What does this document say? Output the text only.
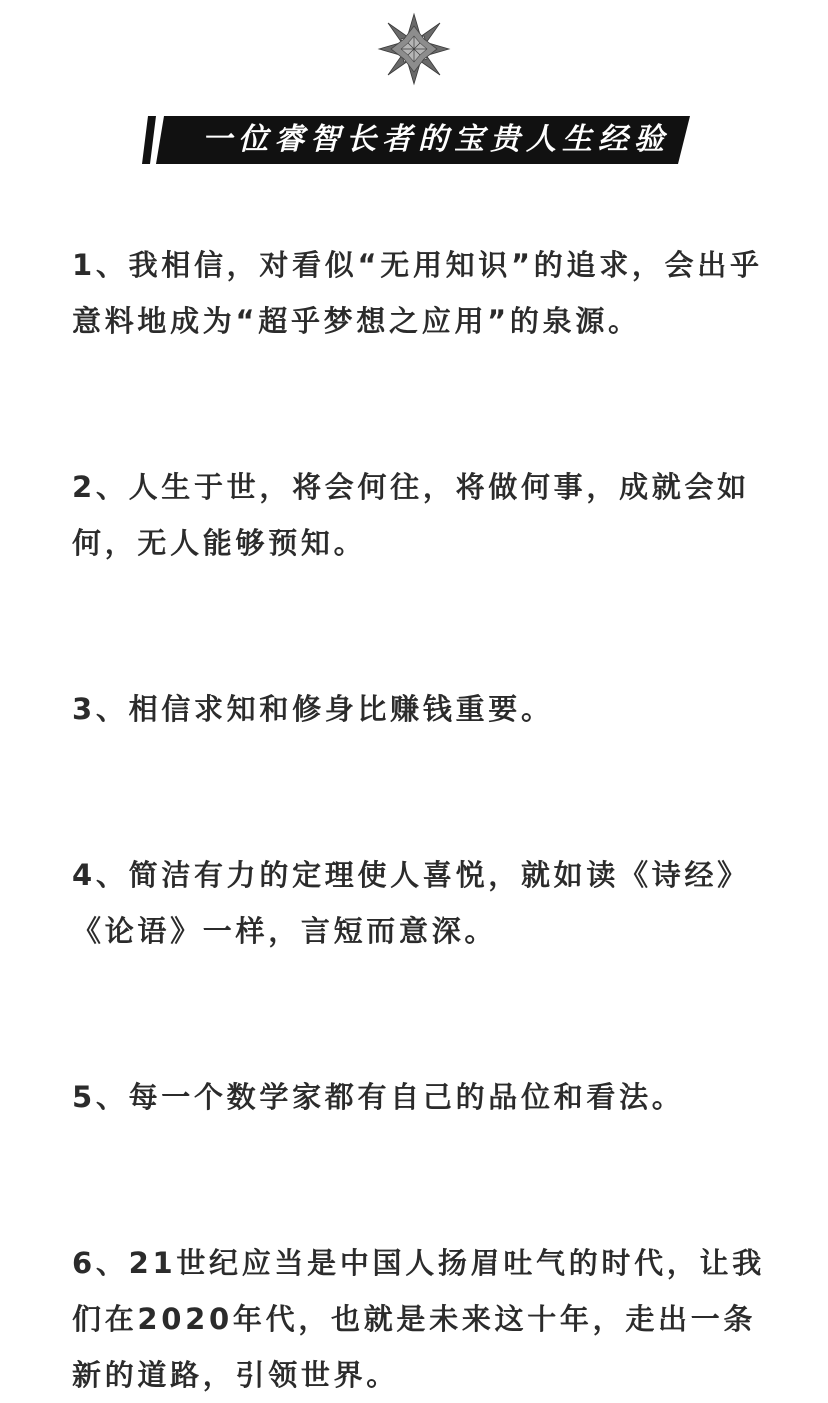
一位睿智长者的宝贵人生经验
1、我相信，对看似“无用知识”的追求，会出乎
意料地成为“超乎梦想之应用”的泉源。
2、人生于世，将会何往，将做何事，成就会如
何，无人能够预知。
3、相信求知和修身比赚钱重要。
4、简洁有力的定理使人喜悦，就如读《诗经》
《论语》一样，言短而意深。
5、每一个数学家都有自己的品位和看法。
6、21世纪应当是中国人扬眉吐气的时代，让我
们在2020年代，也就是未来这十年，走出一条
新的道路，引领世界。
